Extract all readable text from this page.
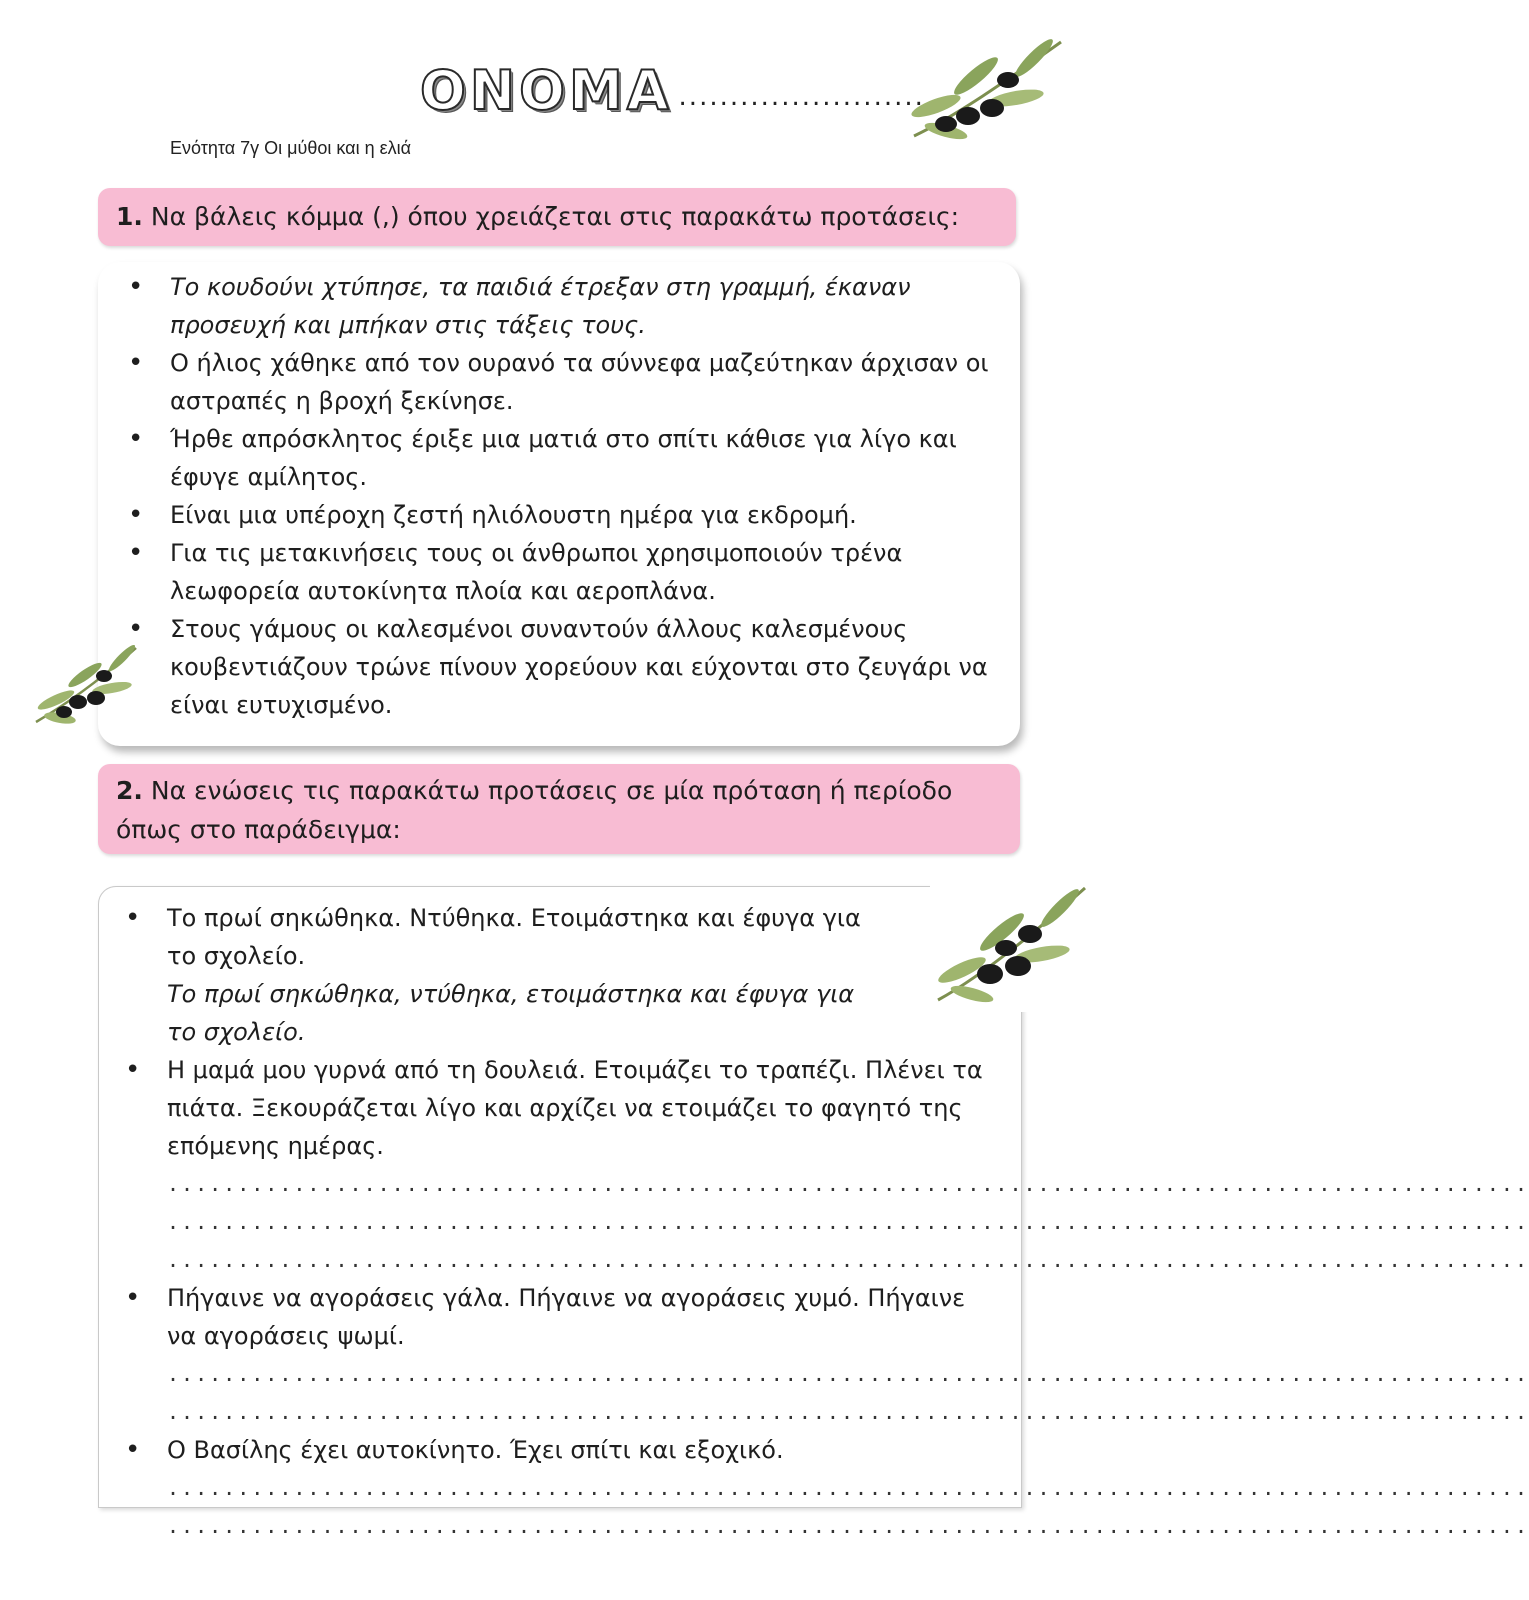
ΟΝΟΜΑ ........................
Ενότητα 7γ Οι μύθοι και η ελιά
1. Να βάλεις κόμμα (,) όπου χρειάζεται στις παρακάτω προτάσεις:
• Το κουδούνι χτύπησε, τα παιδιά έτρεξαν στη γραμμή, έκαναν προσευχή και μπήκαν στις τάξεις τους.
• Ο ήλιος χάθηκε από τον ουρανό τα σύννεφα μαζεύτηκαν άρχισαν οι αστραπές η βροχή ξεκίνησε.
• Ήρθε απρόσκλητος έριξε μια ματιά στο σπίτι κάθισε για λίγο και έφυγε αμίλητος.
• Είναι μια υπέροχη ζεστή ηλιόλουστη ημέρα για εκδρομή.
• Για τις μετακινήσεις τους οι άνθρωποι χρησιμοποιούν τρένα λεωφορεία αυτοκίνητα πλοία και αεροπλάνα.
• Στους γάμους οι καλεσμένοι συναντούν άλλους καλεσμένους κουβεντιάζουν τρώνε πίνουν χορεύουν και εύχονται στο ζευγάρι να είναι ευτυχισμένο.
2. Να ενώσεις τις παρακάτω προτάσεις σε μία πρόταση ή περίοδο όπως στο παράδειγμα:
• Το πρωί σηκώθηκα. Ντύθηκα. Ετοιμάστηκα και έφυγα για το σχολείο.
Το πρωί σηκώθηκα, ντύθηκα, ετοιμάστηκα και έφυγα για το σχολείο.
• Η μαμά μου γυρνά από τη δουλειά. Ετοιμάζει το τραπέζι. Πλένει τα πιάτα. Ξεκουράζεται λίγο και αρχίζει να ετοιμάζει το φαγητό της επόμενης ημέρας.
.................................................................................................
.................................................................................................
.................................................................................................
• Πήγαινε να αγοράσεις γάλα. Πήγαινε να αγοράσεις χυμό. Πήγαινε να αγοράσεις ψωμί.
.................................................................................................
.................................................................................................
• Ο Βασίλης έχει αυτοκίνητο. Έχει σπίτι και εξοχικό.
.................................................................................................
.................................................................................................
